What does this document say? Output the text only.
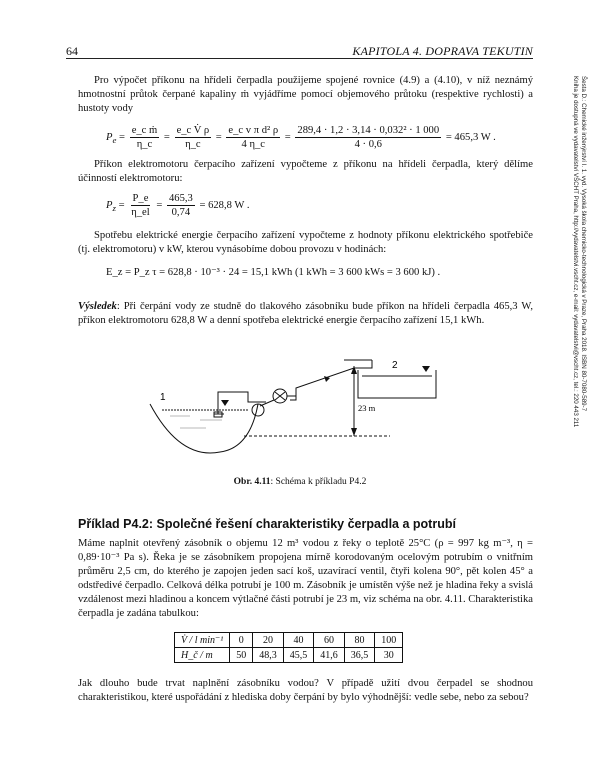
64	KAPITOLA 4. DOPRAVA TEKUTIN
Šesta D.: Chemické inženýrství I. 1. vyd. Vysoká škola chemicko-technologická v Praze, Praha 2018. ISBN 80-7080-589-7
Kniha je dostupná ve vydavatelství VŠCHT Praha, http://vydavatelstvi.vscht.cz, e-mail: vydavatelstvi@vscht.cz, tel.: 220 443 211
Pro výpočet příkonu na hřídeli čerpadla použijeme spojené rovnice (4.9) a (4.10), v níž neznámý hmotnostní průtok čerpané kapaliny ṁ vyjádříme pomocí objemového průtoku (respektive rychlosti) a hustoty vody
$P_e = \frac{\text{e\_c ṁ}}{\eta\_c} = \frac{\text{e\_c V̇ ρ}}{\eta\_c} = \frac{\text{e\_c v π d² ρ}}{4 \eta\_c} = \frac{\text{289,4 · 1,2 · 3,14 · 0,032² · 1 000}}{4 \cdot 0,6} = 465,3$ W .
Příkon elektromotoru čerpacího zařízení vypočteme z příkonu na hřídeli čerpadla, který dělíme účinností elektromotoru:
$P_z = \frac{P\_e}{\eta\_el} = \frac{465,3}{0,74} = 628,8$ W .
Spotřebu elektrické energie čerpacího zařízení vypočteme z hodnoty příkonu elektrického spotřebiče (tj. elektromotoru) v kW, kterou vynásobíme dobou provozu v hodinách:
E_z = P_z τ = 628,8 · 10⁻³ · 24 = 15,1 kWh (1 kWh = 3 600 kWs = 3 600 kJ) .
Výsledek: Při čerpání vody ze studně do tlakového zásobníku bude příkon na hřídeli čerpadla 465,3 W, příkon elektromotoru 628,8 W a denní spotřeba elektrické energie čerpacího zařízení 15,1 kWh.
1
2
23 m
Obr. 4.11: Schéma k příkladu P4.2
Příklad P4.2: Společné řešení charakteristiky čerpadla a potrubí
Máme naplnit otevřený zásobník o objemu 12 m³ vodou z řeky o teplotě 25°C (ρ = 997 kg m⁻³, η = 0,89·10⁻³ Pa s). Řeka je se zásobníkem propojena mírně korodovaným ocelovým potrubím o vnitřním průměru 2,5 cm, do kterého je zapojen jeden sací koš, uzavírací ventil, čtyři kolena 90°, pět kolen 45° a odstředivé čerpadlo. Celková délka potrubí je 100 m. Zásobník je umístěn výše než je hladina řeky a svislá vzdálenost mezi hladinou a koncem výtlačné části potrubí je 23 m, viz schéma na obr. 4.11. Charakteristika čerpadla je zadána tabulkou:
V̇ / l min⁻¹	0	20	40	60	80	100
H_č / m	50	48,3	45,5	41,6	36,5	30
Jak dlouho bude trvat naplnění zásobníku vodou? V případě užití dvou čerpadel se shodnou charakteristikou, které uspořádání z hlediska doby čerpání by bylo výhodnější: vedle sebe, nebo za sebou?
